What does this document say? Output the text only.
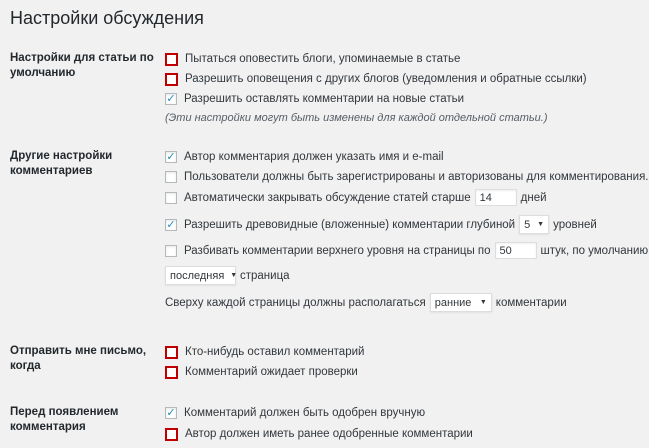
Настройки обсуждения
Настройки для статьи по умолчанию
Пытаться оповестить блоги, упоминаемые в статье
Разрешить оповещения с других блогов (уведомления и обратные ссылки)
✓ Разрешить оставлять комментарии на новые статьи
(Эти настройки могут быть изменены для каждой отдельной статьи.)
Другие настройки комментариев
✓ Автор комментария должен указать имя и e-mail
Пользователи должны быть зарегистрированы и авторизованы для комментирования.
Автоматически закрывать обсуждение статей старше 14	дней
✓ Разрешить древовидные (вложенные) комментарии глубиной 5 ▼ уровней
Разбивать комментарии верхнего уровня на страницы по 50	штук, по умолчанию
последняя ▼ страница
Сверху каждой страницы должны располагаться ранние ▼ комментарии
Отправить мне письмо, когда
Кто-нибудь оставил комментарий
Комментарий ожидает проверки
Перед появлением комментария
✓ Комментарий должен быть одобрен вручную
Автор должен иметь ранее одобренные комментарии
